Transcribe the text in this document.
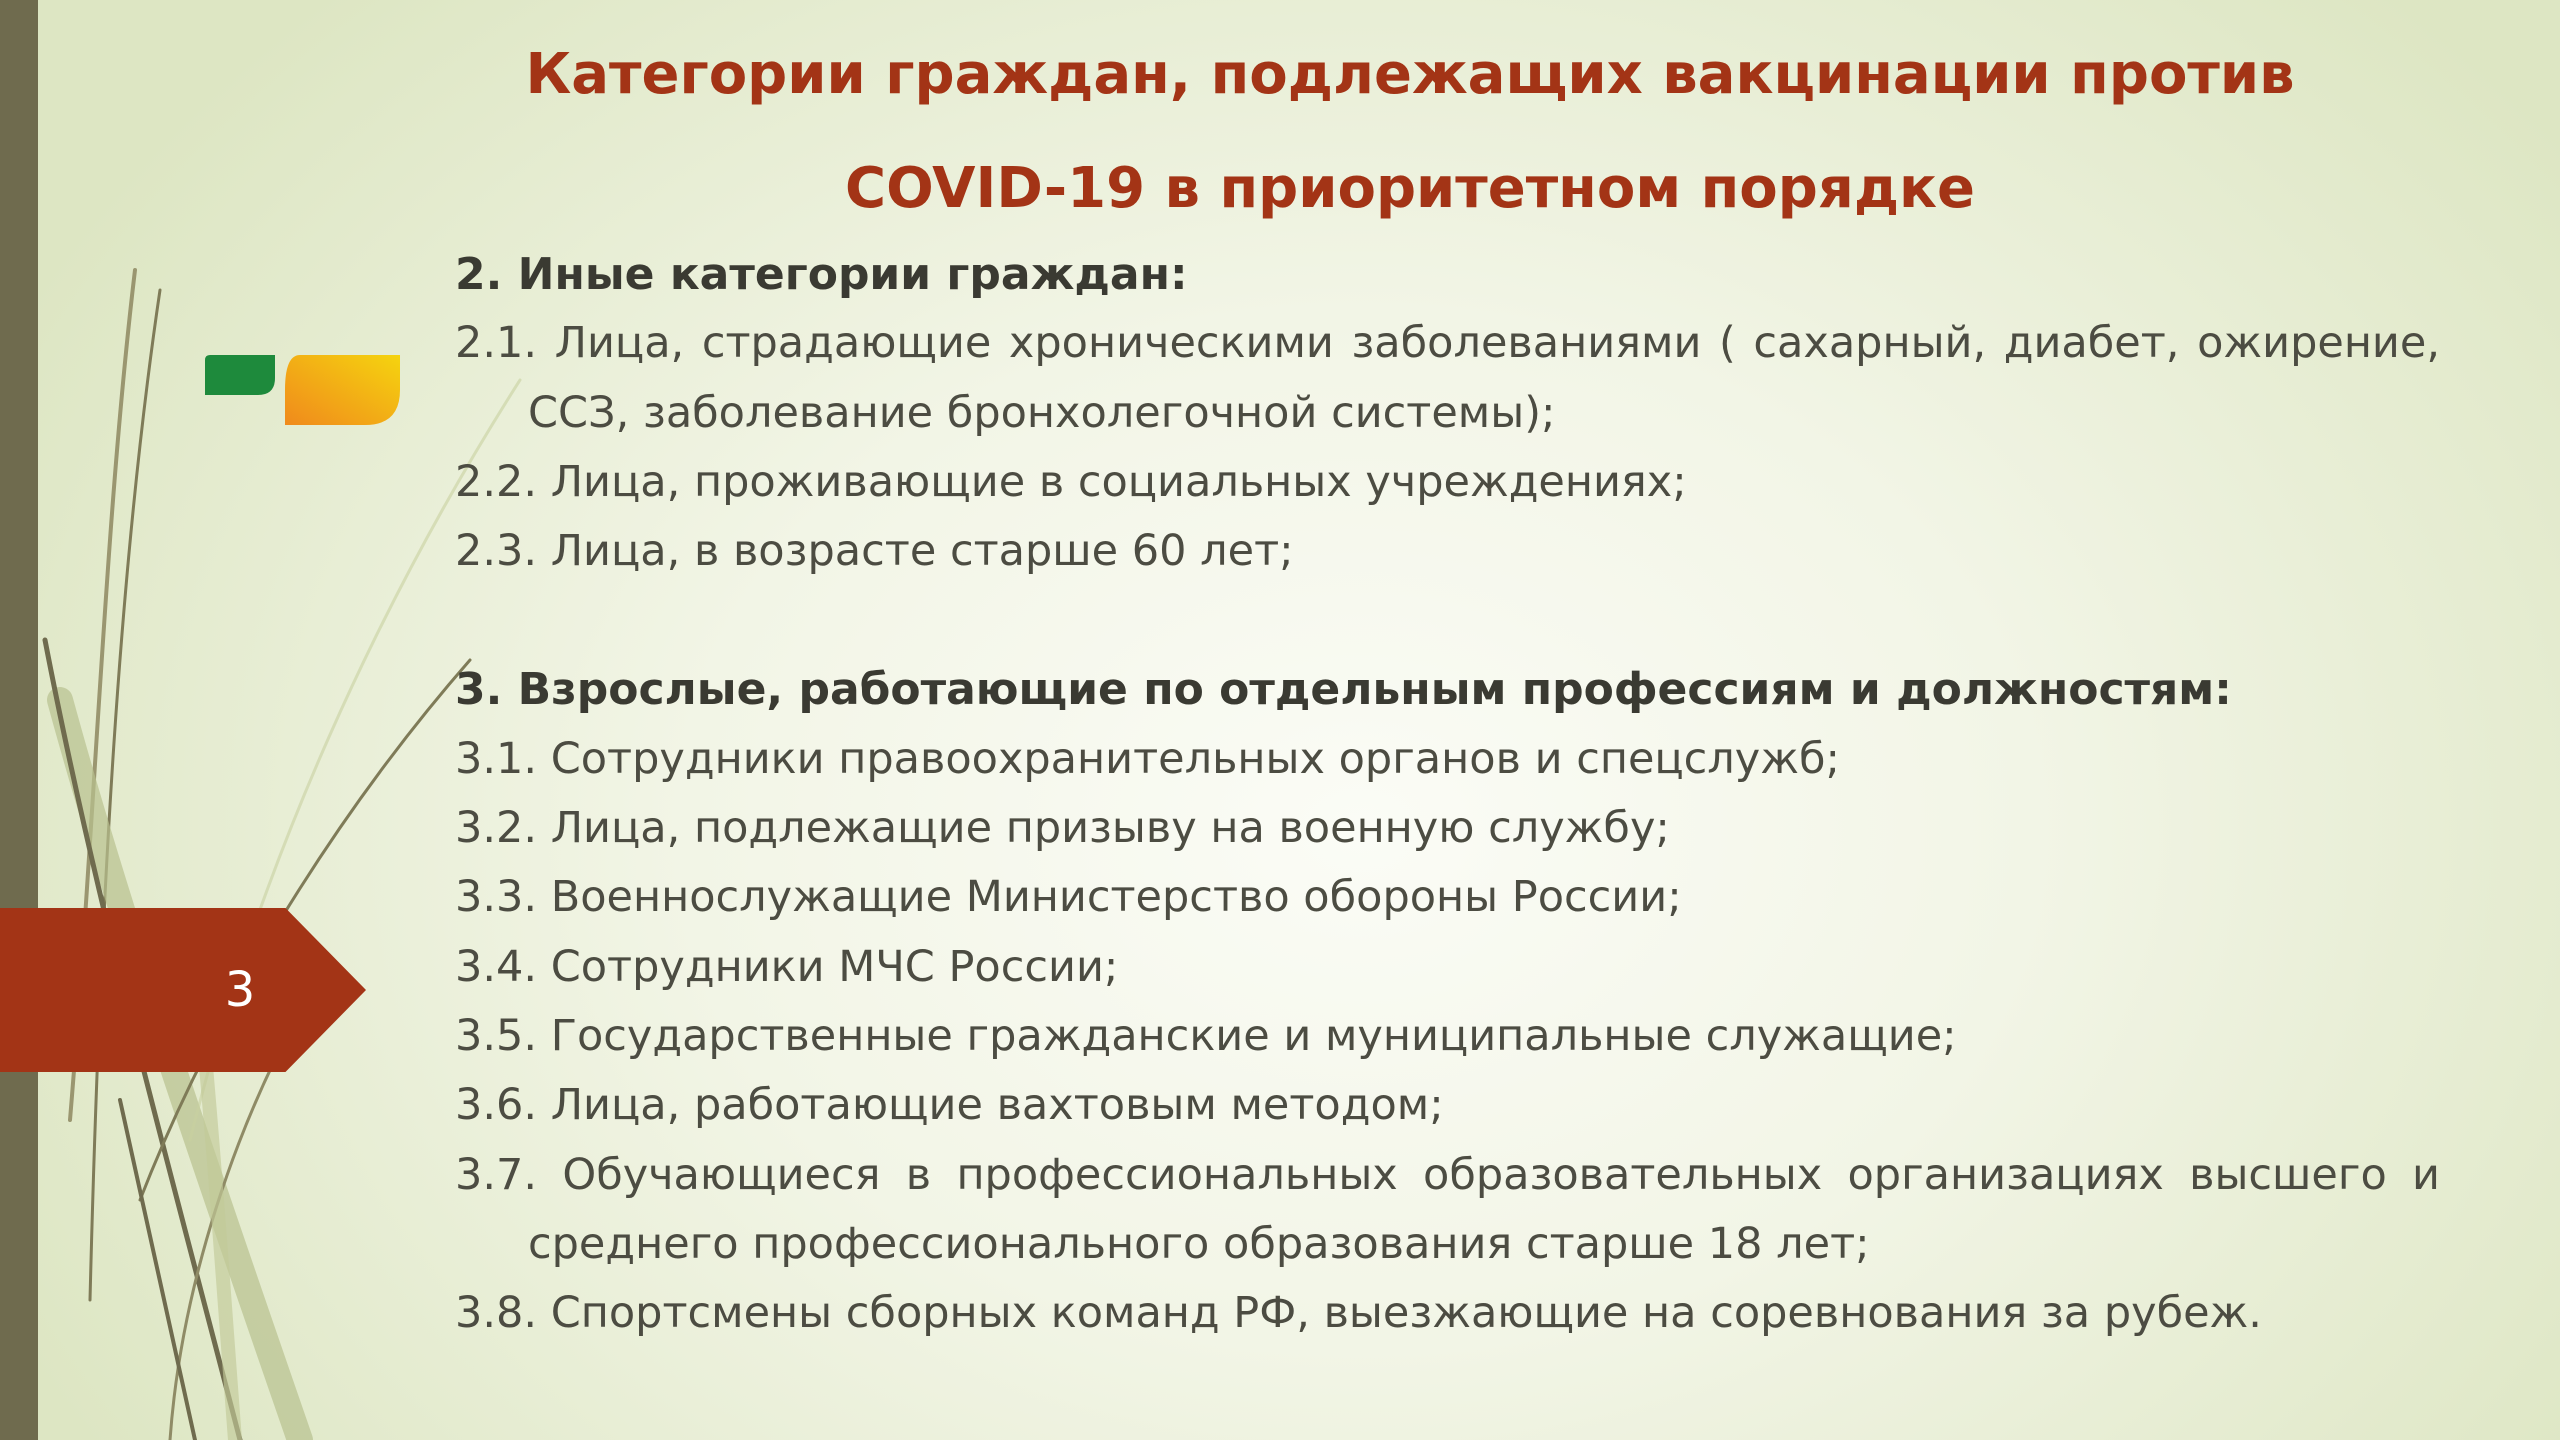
3
Категории граждан, подлежащих вакцинации против COVID-19 в приоритетном порядке

2. Иные категории граждан:

2.1. Лица, страдающие хроническими заболеваниями ( сахарный, диабет, ожирение, ССЗ, заболевание бронхолегочной системы);

2.2. Лица, проживающие в социальных учреждениях;

2.3. Лица, в возрасте старше 60 лет;

3. Взрослые, работающие по отдельным профессиям и должностям:

3.1. Сотрудники правоохранительных органов и спецслужб;

3.2. Лица, подлежащие призыву на военную службу;

3.3. Военнослужащие Министерство обороны России;

3.4. Сотрудники МЧС России;

3.5. Государственные гражданские и муниципальные служащие;

3.6. Лица, работающие вахтовым методом;

3.7. Обучающиеся в профессиональных образовательных организациях высшего и среднего профессионального образования старше 18 лет;

3.8. Спортсмены сборных команд РФ, выезжающие на соревнования за рубеж.
